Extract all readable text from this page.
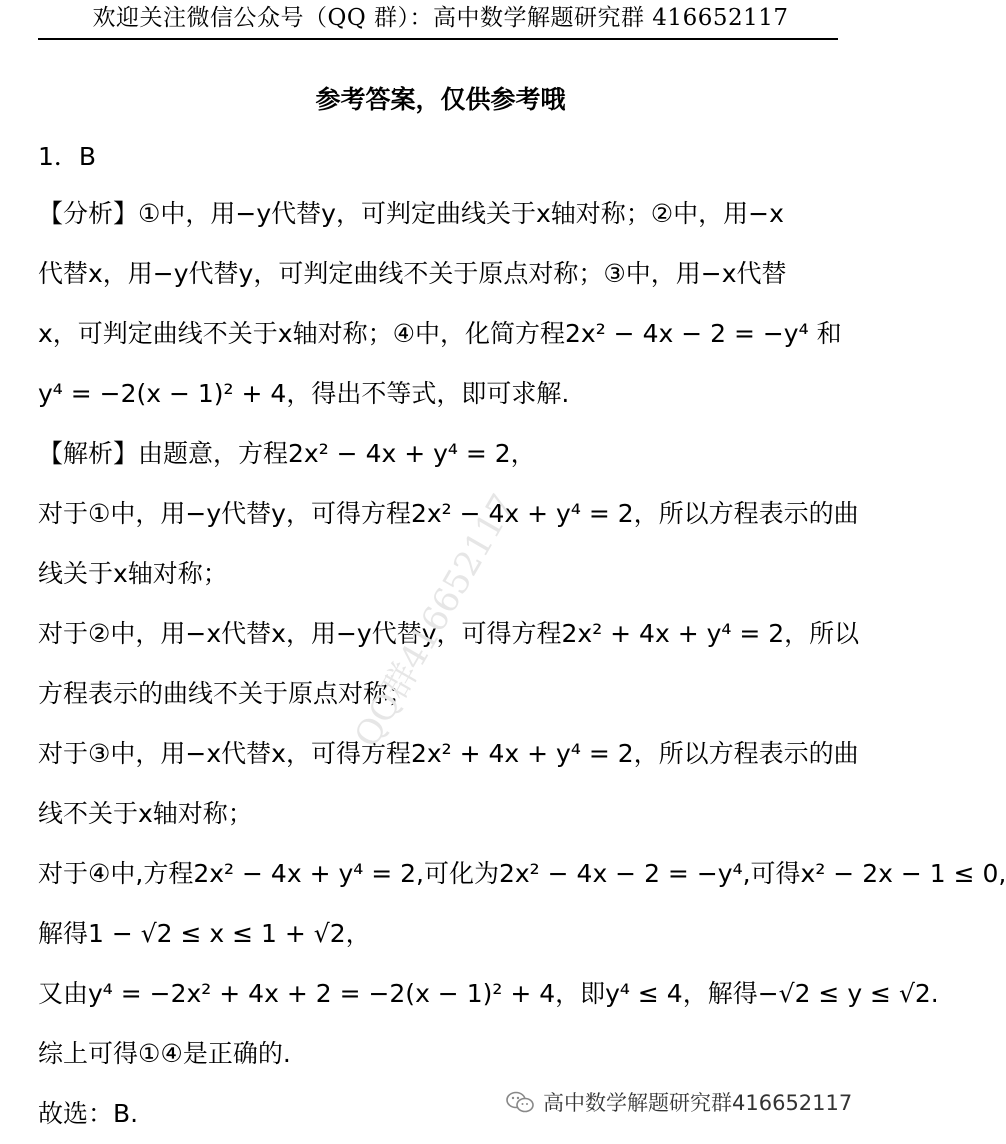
欢迎关注微信公众号（QQ 群）：高中数学解题研究群 416652117
参考答案，仅供参考哦
1．B
【分析】①中，用−y代替y，可判定曲线关于x轴对称；②中，用−x
代替x，用−y代替y，可判定曲线不关于原点对称；③中，用−x代替
x，可判定曲线不关于x轴对称；④中，化简方程2x² − 4x − 2 = −y⁴ 和
y⁴ = −2(x − 1)² + 4，得出不等式，即可求解.
【解析】由题意，方程2x² − 4x + y⁴ = 2，
对于①中，用−y代替y，可得方程2x² − 4x + y⁴ = 2，所以方程表示的曲
线关于x轴对称；
对于②中，用−x代替x，用−y代替y，可得方程2x² + 4x + y⁴ = 2，所以
方程表示的曲线不关于原点对称；
对于③中，用−x代替x，可得方程2x² + 4x + y⁴ = 2，所以方程表示的曲
线不关于x轴对称；
对于④中,方程2x² − 4x + y⁴ = 2,可化为2x² − 4x − 2 = −y⁴,可得x² − 2x − 1 ≤ 0,
解得1 − √2 ≤ x ≤ 1 + √2，
又由y⁴ = −2x² + 4x + 2 = −2(x − 1)² + 4，即y⁴ ≤ 4，解得−√2 ≤ y ≤ √2.
综上可得①④是正确的.
故选：B.
QQ群416652117
高中数学解题研究群416652117
